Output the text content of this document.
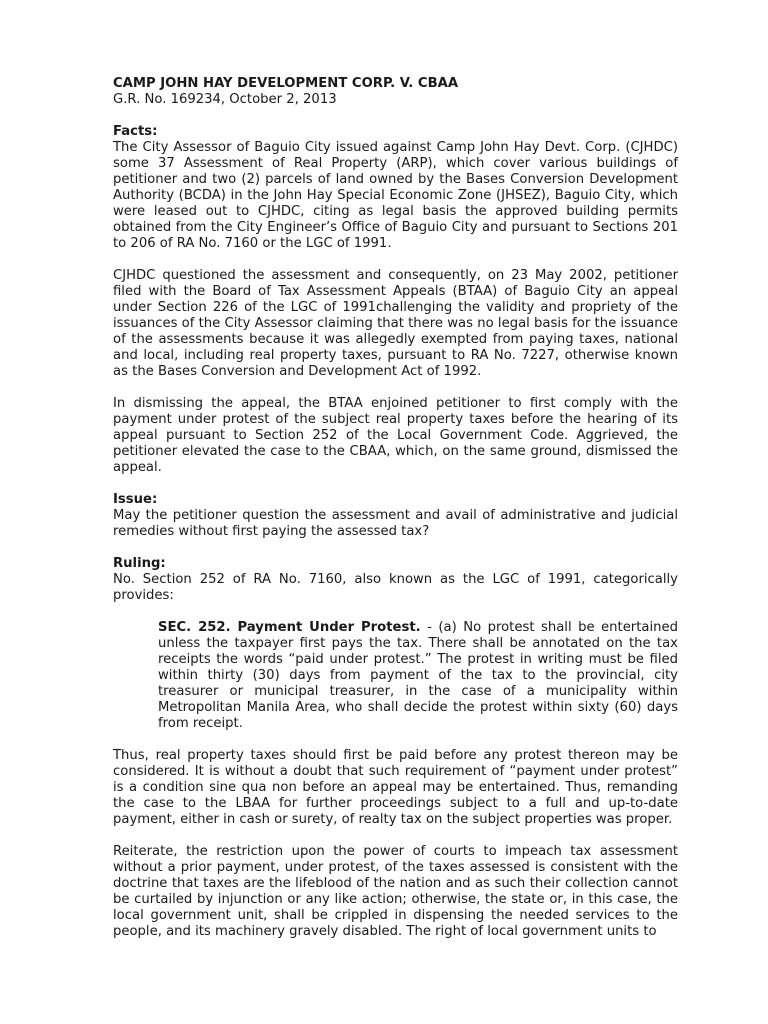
CAMP JOHN HAY DEVELOPMENT CORP. V. CBAA
G.R. No. 169234, October 2, 2013
Facts:

The City Assessor of Baguio City issued against Camp John Hay Devt. Corp. (CJHDC) some 37 Assessment of Real Property (ARP), which cover various buildings of petitioner and two (2) parcels of land owned by the Bases Conversion Development Authority (BCDA) in the John Hay Special Economic Zone (JHSEZ), Baguio City, which were leased out to CJHDC, citing as legal basis the approved building permits obtained from the City Engineer’s Office of Baguio City and pursuant to Sections 201 to 206 of RA No. 7160 or the LGC of 1991.

CJHDC questioned the assessment and consequently, on 23 May 2002, petitioner filed with the Board of Tax Assessment Appeals (BTAA) of Baguio City an appeal under Section 226 of the LGC of 1991challenging the validity and propriety of the issuances of the City Assessor claiming that there was no legal basis for the issuance of the assessments because it was allegedly exempted from paying taxes, national and local, including real property taxes, pursuant to RA No. 7227, otherwise known as the Bases Conversion and Development Act of 1992.

In dismissing the appeal, the BTAA enjoined petitioner to first comply with the payment under protest of the subject real property taxes before the hearing of its appeal pursuant to Section 252 of the Local Government Code. Aggrieved, the petitioner elevated the case to the CBAA, which, on the same ground, dismissed the appeal.

Issue:

May the petitioner question the assessment and avail of administrative and judicial remedies without first paying the assessed tax?

Ruling:

No. Section 252 of RA No. 7160, also known as the LGC of 1991, categorically provides:

SEC. 252. Payment Under Protest. - (a) No protest shall be entertained unless the taxpayer first pays the tax. There shall be annotated on the tax receipts the words “paid under protest.” The protest in writing must be filed within thirty (30) days from payment of the tax to the provincial, city treasurer or municipal treasurer, in the case of a municipality within Metropolitan Manila Area, who shall decide the protest within sixty (60) days from receipt.

Thus, real property taxes should first be paid before any protest thereon may be considered. It is without a doubt that such requirement of “payment under protest” is a condition sine qua non before an appeal may be entertained. Thus, remanding the case to the LBAA for further proceedings subject to a full and up-to-date payment, either in cash or surety, of realty tax on the subject properties was proper.

Reiterate, the restriction upon the power of courts to impeach tax assessment without a prior payment, under protest, of the taxes assessed is consistent with the doctrine that taxes are the lifeblood of the nation and as such their collection cannot be curtailed by injunction or any like action; otherwise, the state or, in this case, the local government unit, shall be crippled in dispensing the needed services to the people, and its machinery gravely disabled. The right of local government units to
